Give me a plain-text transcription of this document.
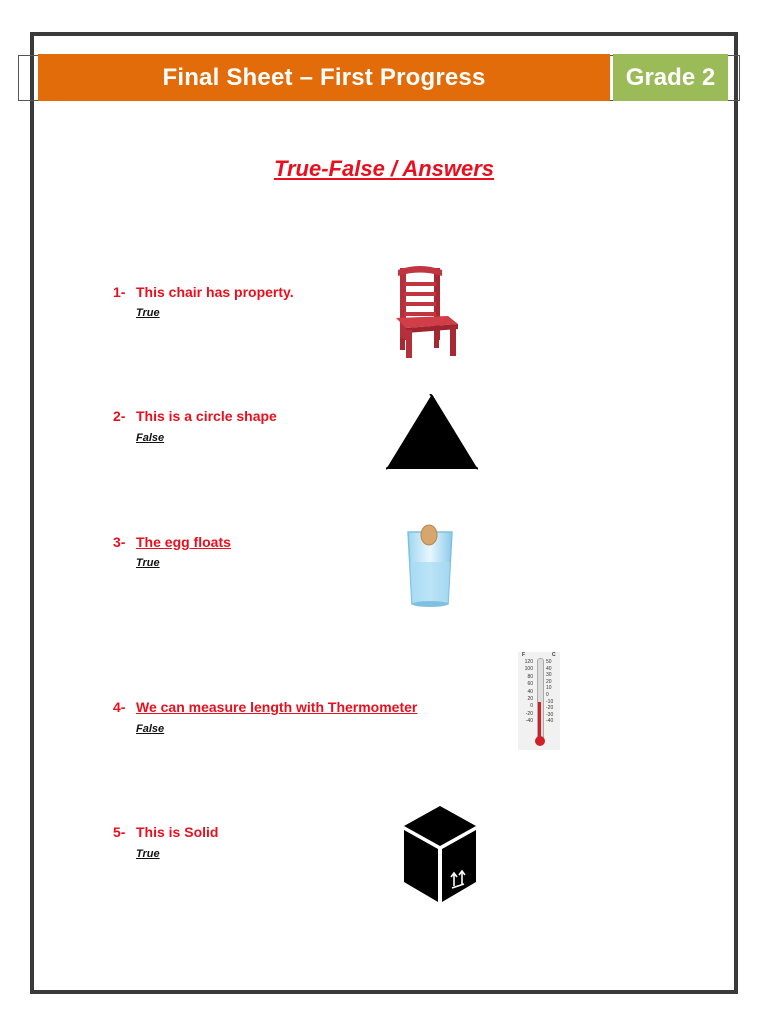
Final Sheet – First Progress	Grade 2
True-False / Answers
1- This chair has property.
True
2- This is a circle shape
False
3- The egg floats
True
4- We can measure length with Thermometer
False
F	C
120
100
80
60
40
20
0
-20
-40
50
40
30
20
10
0
-10
-20
-30
-40
5- This is Solid
True
